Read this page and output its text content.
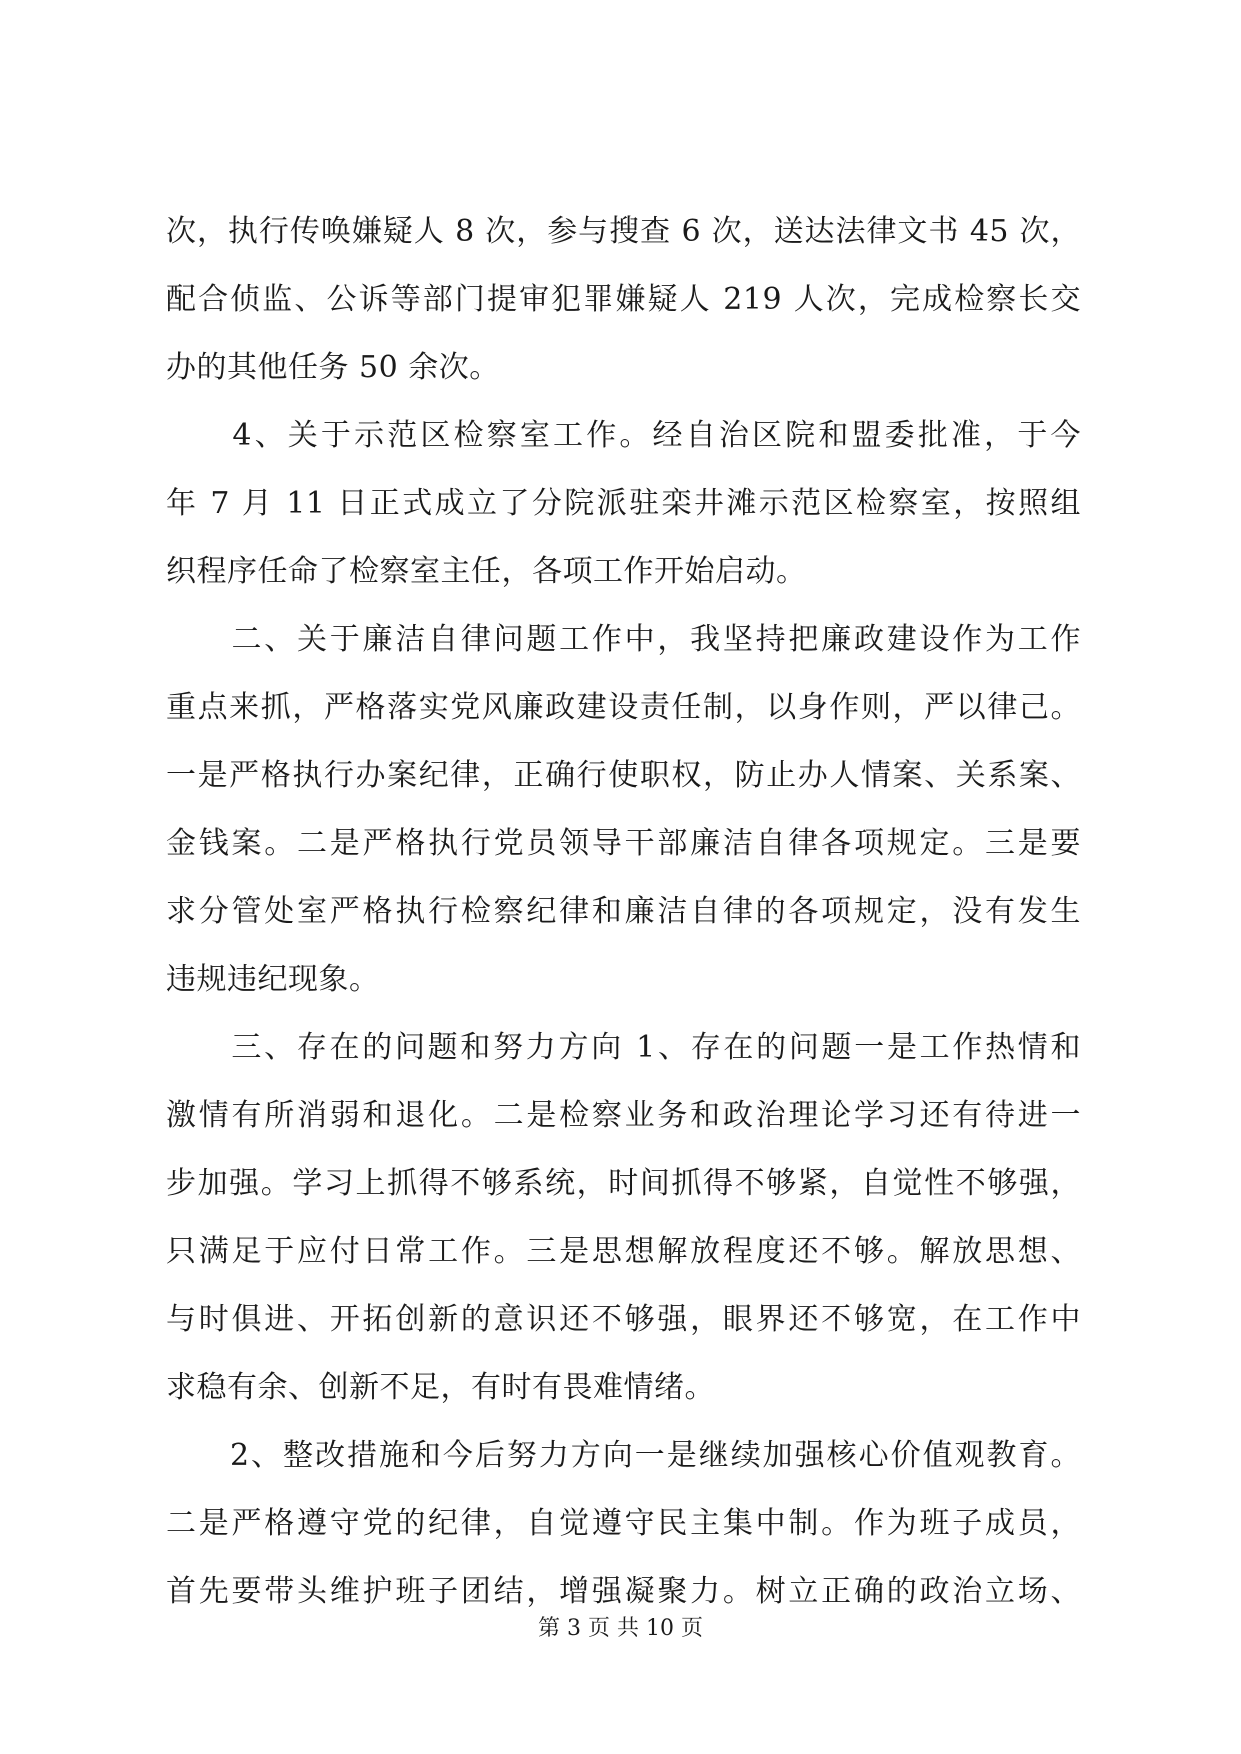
次，执行传唤嫌疑人 8 次，参与搜查 6 次，送达法律文书 45 次，
配合侦监、公诉等部门提审犯罪嫌疑人 219 人次，完成检察长交
办的其他任务 50 余次。
　　4、关于示范区检察室工作。经自治区院和盟委批准，于今
年 7 月 11 日正式成立了分院派驻栾井滩示范区检察室，按照组
织程序任命了检察室主任，各项工作开始启动。
　　二、关于廉洁自律问题工作中，我坚持把廉政建设作为工作
重点来抓，严格落实党风廉政建设责任制，以身作则，严以律己。
一是严格执行办案纪律，正确行使职权，防止办人情案、关系案、
金钱案。二是严格执行党员领导干部廉洁自律各项规定。三是要
求分管处室严格执行检察纪律和廉洁自律的各项规定，没有发生
违规违纪现象。
　　三、存在的问题和努力方向 1、存在的问题一是工作热情和
激情有所消弱和退化。二是检察业务和政治理论学习还有待进一
步加强。学习上抓得不够系统，时间抓得不够紧，自觉性不够强，
只满足于应付日常工作。三是思想解放程度还不够。解放思想、
与时俱进、开拓创新的意识还不够强，眼界还不够宽，在工作中
求稳有余、创新不足，有时有畏难情绪。
　　2、整改措施和今后努力方向一是继续加强核心价值观教育。
二是严格遵守党的纪律，自觉遵守民主集中制。作为班子成员，
首先要带头维护班子团结，增强凝聚力。树立正确的政治立场、
第 3 页 共 10 页
